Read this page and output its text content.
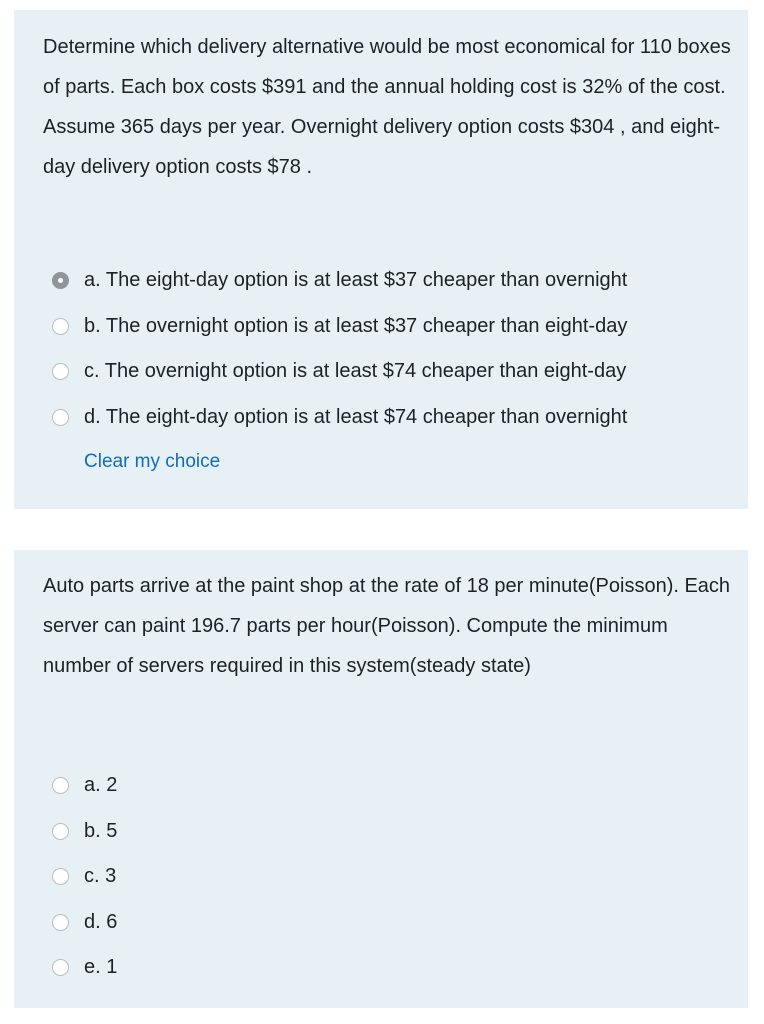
Determine which delivery alternative would be most economical for 110 boxes of parts. Each box costs $391 and the annual holding cost is 32% of the cost. Assume 365 days per year. Overnight delivery option costs $304 , and eight-day delivery option costs $78 .

a. The eight-day option is at least $37 cheaper than overnight
b. The overnight option is at least $37 cheaper than eight-day
c. The overnight option is at least $74 cheaper than eight-day
d. The eight-day option is at least $74 cheaper than overnight
Clear my choice

Auto parts arrive at the paint shop at the rate of 18 per minute(Poisson). Each server can paint 196.7 parts per hour(Poisson). Compute the minimum number of servers required in this system(steady state)

a. 2
b. 5
c. 3
d. 6
e. 1
